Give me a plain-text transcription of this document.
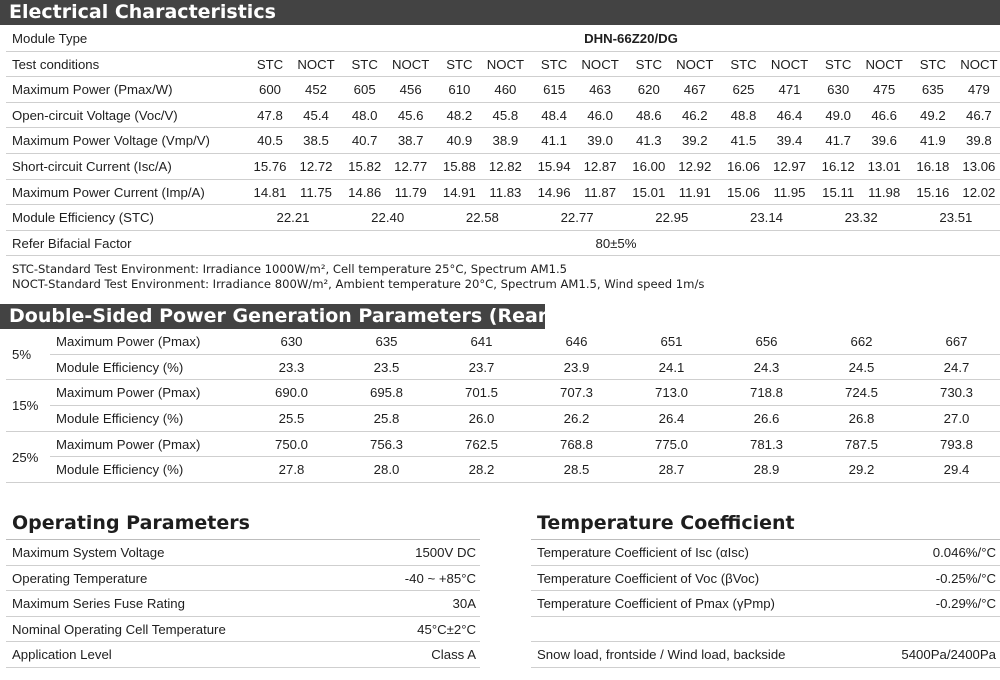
Electrical Characteristics
Module Type	DHN-66Z20/DG
Test conditions	STC	NOCT	STC	NOCT	STC	NOCT	STC	NOCT	STC	NOCT	STC	NOCT	STC	NOCT	STC	NOCT
Maximum Power (Pmax/W)	600	452	605	456	610	460	615	463	620	467	625	471	630	475	635	479
Open-circuit Voltage (Voc/V)	47.8	45.4	48.0	45.6	48.2	45.8	48.4	46.0	48.6	46.2	48.8	46.4	49.0	46.6	49.2	46.7
Maximum Power Voltage (Vmp/V)	40.5	38.5	40.7	38.7	40.9	38.9	41.1	39.0	41.3	39.2	41.5	39.4	41.7	39.6	41.9	39.8
Short-circuit Current (Isc/A)	15.76 12.72	15.82 12.77	15.88 12.82	15.94 12.87	16.00 12.92	16.06 12.97	16.12 13.01	16.18 13.06
Maximum Power Current (Imp/A)	14.81	11.75	14.86	11.79	14.91	11.83	14.96	11.87	15.01	11.91	15.06	11.95	15.11	11.98	15.16 12.02
Module Efficiency (STC)	22.21	22.40	22.58	22.77	22.95	23.14	23.32	23.51
Refer Bifacial Factor	80±5%
STC-Standard Test Environment: Irradiance 1000W/m², Cell temperature 25°C, Spectrum AM1.5
NOCT-Standard Test Environment: Irradiance 800W/m², Ambient temperature 20°C, Spectrum AM1.5, Wind speed 1m/s
Double-Sided Power Generation Parameters (Rear gain)
5%
Maximum Power (Pmax)	630	635	641	646	651	656	662	667
Module Efficiency (%)	23.3	23.5	23.7	23.9	24.1	24.3	24.5	24.7
15%
Maximum Power (Pmax)	690.0	695.8	701.5	707.3	713.0	718.8	724.5	730.3
Module Efficiency (%)	25.5	25.8	26.0	26.2	26.4	26.6	26.8	27.0
25%
Maximum Power (Pmax)	750.0	756.3	762.5	768.8	775.0	781.3	787.5	793.8
Module Efficiency (%)	27.8	28.0	28.2	28.5	28.7	28.9	29.2	29.4
Operating Parameters
Maximum System Voltage	1500V DC
Operating Temperature	-40 ~ +85°C
Maximum Series Fuse Rating	30A
Nominal Operating Cell Temperature	45°C±2°C
Application Level	Class A
Temperature Coefficient
Temperature Coefficient of Isc (αIsc)	0.046%/°C
Temperature Coefficient of Voc (βVoc)	-0.25%/°C
Temperature Coefficient of Pmax (γPmp)	-0.29%/°C
Snow load, frontside / Wind load, backside	5400Pa/2400Pa
